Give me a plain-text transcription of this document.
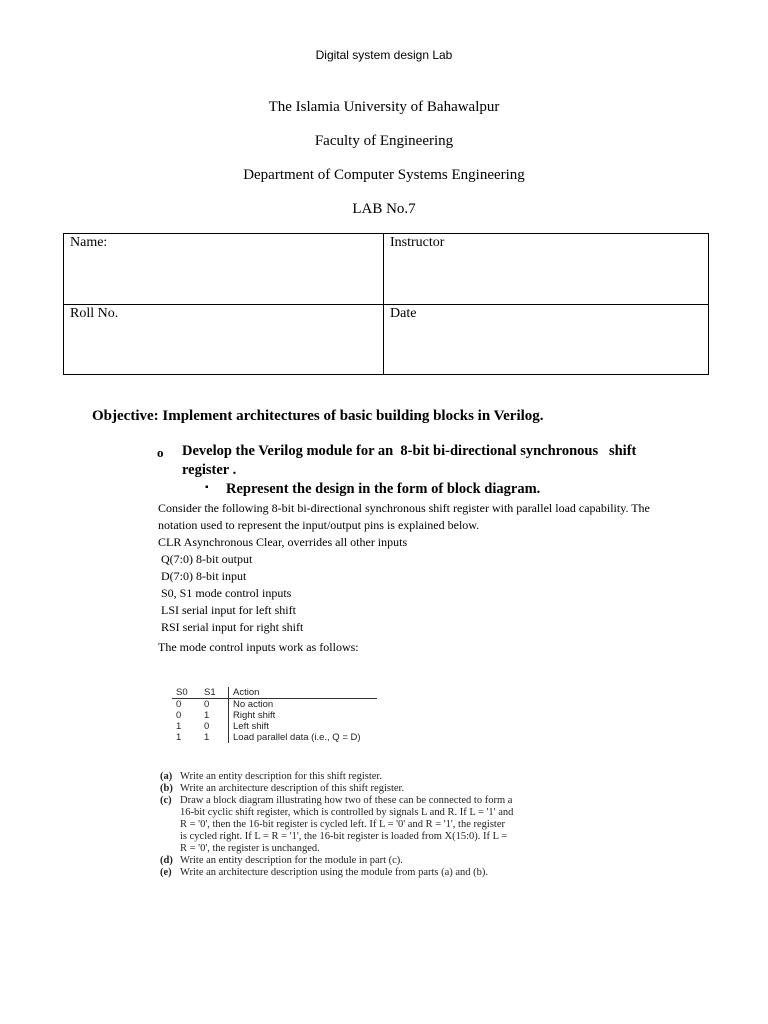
Digital system design Lab
The Islamia University of Bahawalpur
Faculty of Engineering
Department of Computer Systems Engineering
LAB No.7
Name:	Instructor
Roll No.	Date
Objective: Implement architectures of basic building blocks in Verilog.
o Develop the Verilog module for an  8-bit bi-directional synchronous   shift
register .
▪ Represent the design in the form of block diagram.
Consider the following 8-bit bi-directional synchronous shift register with parallel load capability. The
notation used to represent the input/output pins is explained below.
CLR Asynchronous Clear, overrides all other inputs
Q(7:0) 8-bit output
D(7:0) 8-bit input
S0, S1 mode control inputs
LSI serial input for left shift
RSI serial input for right shift
The mode control inputs work as follows:
S0	S1	Action
0	0	No action
0	1	Right shift
1	0	Left shift
1	1	Load parallel data (i.e., Q = D)
(a) Write an entity description for this shift register.
(b) Write an architecture description of this shift register.
(c) Draw a block diagram illustrating how two of these can be connected to form a
16-bit cyclic shift register, which is controlled by signals L and R. If L = '1' and
R = '0', then the 16-bit register is cycled left. If L = '0' and R = '1', the register
is cycled right. If L = R = '1', the 16-bit register is loaded from X(15:0). If L =
R = '0', the register is unchanged.
(d) Write an entity description for the module in part (c).
(e) Write an architecture description using the module from parts (a) and (b).
